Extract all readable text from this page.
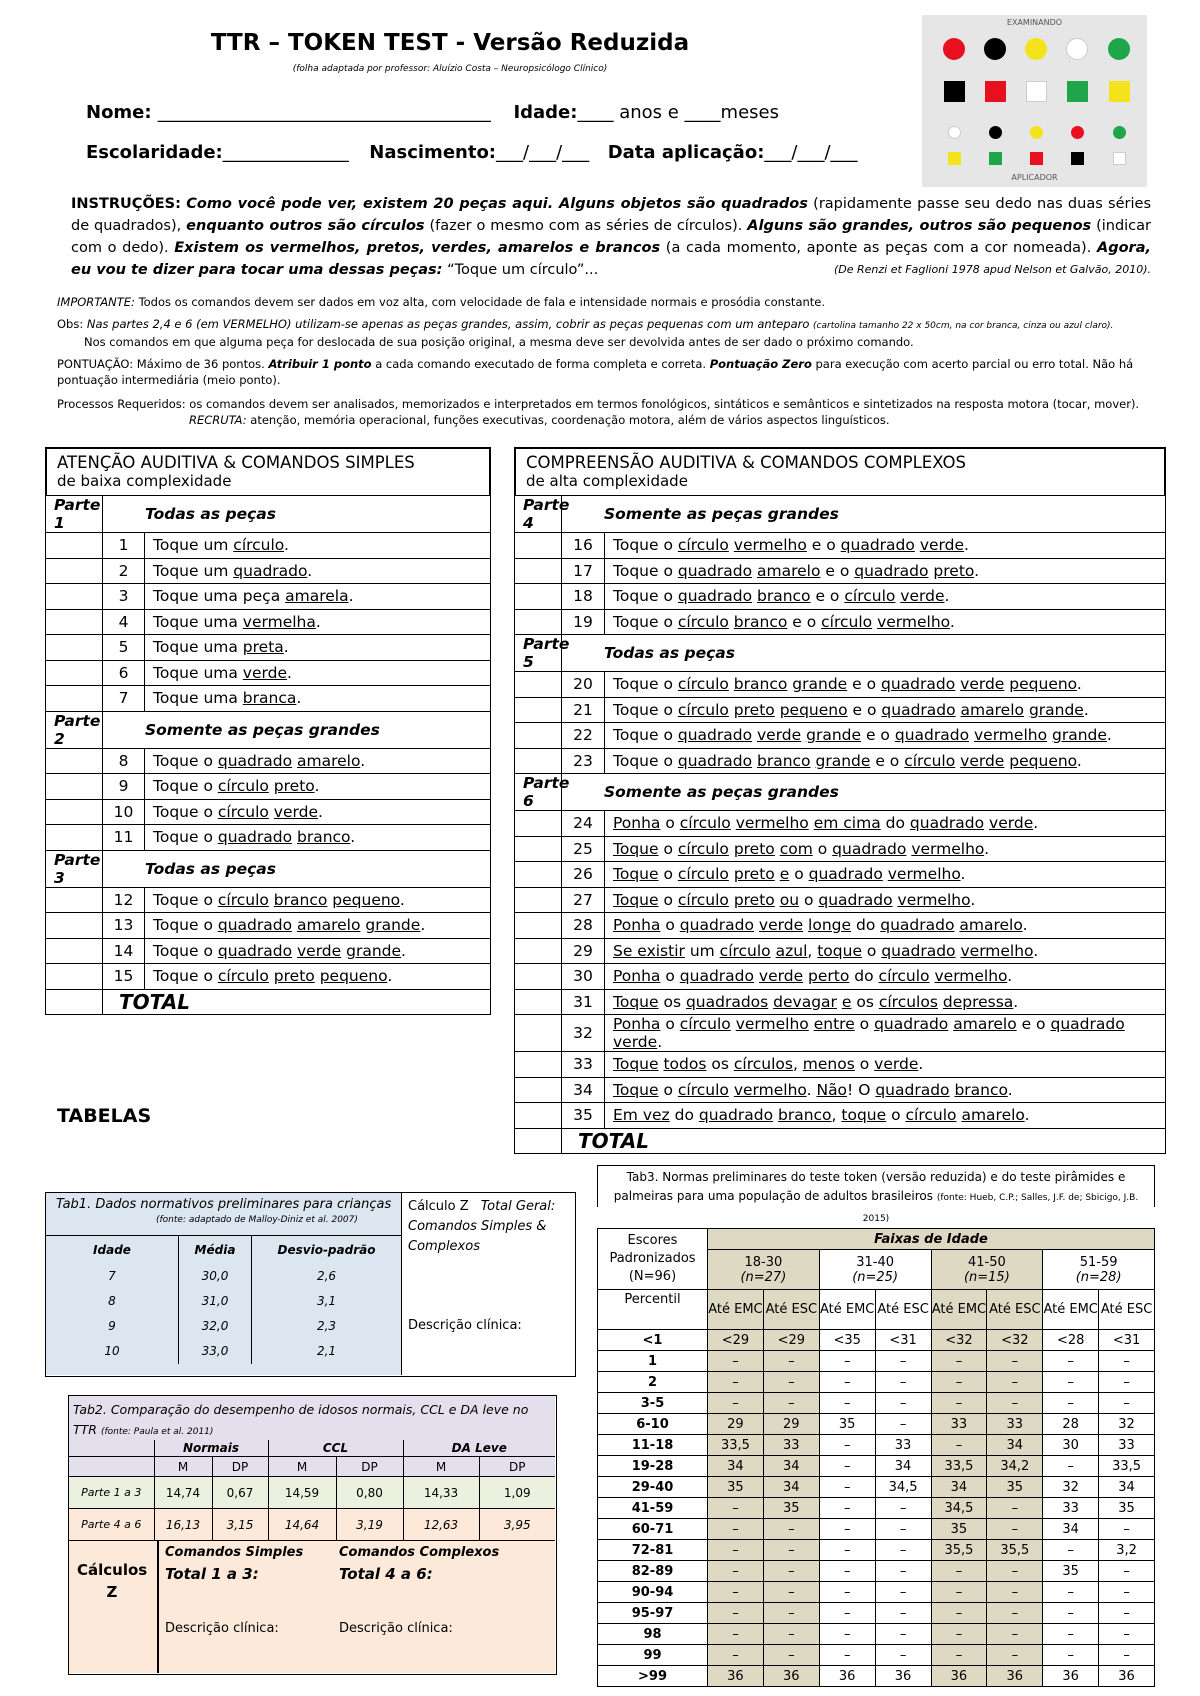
TTR – TOKEN TEST - Versão Reduzida
(folha adaptada por professor: Aluízio Costa – Neuropsicólogo Clínico)
Nome: _____________________________________ Idade:____ anos e ____meses
Escolaridade:______________ Nascimento:___/___/___ Data aplicação:___/___/___
EXAMINANDO
APLICADOR
INSTRUÇÕES: Como você pode ver, existem 20 peças aqui. Alguns objetos são quadrados (rapidamente passe seu dedo nas duas séries de quadrados), enquanto outros são círculos (fazer o mesmo com as séries de círculos). Alguns são grandes, outros são pequenos (indicar com o dedo). Existem os vermelhos, pretos, verdes, amarelos e brancos (a cada momento, aponte as peças com a cor nomeada). Agora, eu vou te dizer para tocar uma dessas peças: “Toque um círculo”...	(De Renzi et Faglioni 1978 apud Nelson et Galvão, 2010).
IMPORTANTE: Todos os comandos devem ser dados em voz alta, com velocidade de fala e intensidade normais e prosódia constante.
Obs: Nas partes 2,4 e 6 (em VERMELHO) utilizam-se apenas as peças grandes, assim, cobrir as peças pequenas com um anteparo (cartolina tamanho 22 x 50cm, na cor branca, cinza ou azul claro).
Nos comandos em que alguma peça for deslocada de sua posição original, a mesma deve ser devolvida antes de ser dado o próximo comando.
PONTUAÇÃO: Máximo de 36 pontos. Atribuir 1 ponto a cada comando executado de forma completa e correta. Pontuação Zero para execução com acerto parcial ou erro total. Não há pontuação intermediária (meio ponto).
Processos Requeridos: os comandos devem ser analisados, memorizados e interpretados em termos fonológicos, sintáticos e semânticos e sintetizados na resposta motora (tocar, mover).
RECRUTA: atenção, memória operacional, funções executivas, coordenação motora, além de vários aspectos linguísticos.
ATENÇÃO AUDITIVA & COMANDOS SIMPLES
de baixa complexidade
Parte 1	Todas as peças	
	1	Toque um círculo.
	2	Toque um quadrado.
	3	Toque uma peça amarela.
	4	Toque uma vermelha.
	5	Toque uma preta.
	6	Toque uma verde.
	7	Toque uma branca.
Parte 2	Somente as peças grandes	
	8	Toque o quadrado amarelo.
	9	Toque o círculo preto.
	10	Toque o círculo verde.
	11	Toque o quadrado branco.
Parte 3	Todas as peças	
	12	Toque o círculo branco pequeno.
	13	Toque o quadrado amarelo grande.
	14	Toque o quadrado verde grande.
	15	Toque o círculo preto pequeno.
	TOTAL	
COMPREENSÃO AUDITIVA & COMANDOS COMPLEXOS
de alta complexidade
Parte 4	Somente as peças grandes	
	16	Toque o círculo vermelho e o quadrado verde.
	17	Toque o quadrado amarelo e o quadrado preto.
	18	Toque o quadrado branco e o círculo verde.
	19	Toque o círculo branco e o círculo vermelho.
Parte 5	Todas as peças	
	20	Toque o círculo branco grande e o quadrado verde pequeno.
	21	Toque o círculo preto pequeno e o quadrado amarelo grande.
	22	Toque o quadrado verde grande e o quadrado vermelho grande.
	23	Toque o quadrado branco grande e o círculo verde pequeno.
Parte 6	Somente as peças grandes	
	24	Ponha o círculo vermelho em cima do quadrado verde.
	25	Toque o círculo preto com o quadrado vermelho.
	26	Toque o círculo preto e o quadrado vermelho.
	27	Toque o círculo preto ou o quadrado vermelho.
	28	Ponha o quadrado verde longe do quadrado amarelo.
	29	Se existir um círculo azul, toque o quadrado vermelho.
	30	Ponha o quadrado verde perto do círculo vermelho.
	31	Toque os quadrados devagar e os círculos depressa.
	32	Ponha o círculo vermelho entre o quadrado amarelo e o quadrado verde.
	33	Toque todos os círculos, menos o verde.
	34	Toque o círculo vermelho. Não! O quadrado branco.
	35	Em vez do quadrado branco, toque o círculo amarelo.
	TOTAL	
TABELAS
Tab1. Dados normativos preliminares para crianças
(fonte: adaptado de Malloy-Diniz et al. 2007)
Idade	Média	Desvio-padrão
7	30,0	2,6
8	31,0	3,1
9	32,0	2,3
10	33,0	2,1
Cálculo Z Total Geral:
Comandos Simples & Complexos
Descrição clínica:
Tab2. Comparação do desempenho de idosos normais, CCL e DA leve no TTR (fonte: Paula et al. 2011)
	Normais		CCL		DA Leve	
	M	DP	M	DP	M	DP
Parte 1 a 3	14,74	0,67	14,59	0,80	14,33	1,09
Parte 4 a 6	16,13	3,15	14,64	3,19	12,63	3,95
Cálculos Z
Comandos Simples
Total 1 a 3:
Descrição clínica:
Comandos Complexos
Total 4 a 6:
Descrição clínica:
Tab3. Normas preliminares do teste token (versão reduzida) e do teste pirâmides e palmeiras para uma população de adultos brasileiros (fonte: Hueb, C.P.; Salles, J.F. de; Sbicigo, J.B. 2015)
Escores Padronizados (N=96)	Faixas de Idade							
	18-30
(n=27)		31-40
(n=25)		41-50
(n=15)		51-59
(n=28)	
Percentil	Até EMC	Até ESC	Até EMC	Até ESC	Até EMC	Até ESC	Até EMC	Até ESC
<1	<29	<29	<35	<31	<32	<32	<28	<31
1	–	–	–	–	–	–	–	–
2	–	–	–	–	–	–	–	–
3-5	–	–	–	–	–	–	–	–
6-10	29	29	35	–	33	33	28	32
11-18	33,5	33	–	33	–	34	30	33
19-28	34	34	–	34	33,5	34,2	–	33,5
29-40	35	34	–	34,5	34	35	32	34
41-59	–	35	–	–	34,5	–	33	35
60-71	–	–	–	–	35	–	34	–
72-81	–	–	–	–	35,5	35,5	–	3,2
82-89	–	–	–	–	–	–	35	–
90-94	–	–	–	–	–	–	–	–
95-97	–	–	–	–	–	–	–	–
98	–	–	–	–	–	–	–	–
99	–	–	–	–	–	–	–	–
>99	36	36	36	36	36	36	36	36
